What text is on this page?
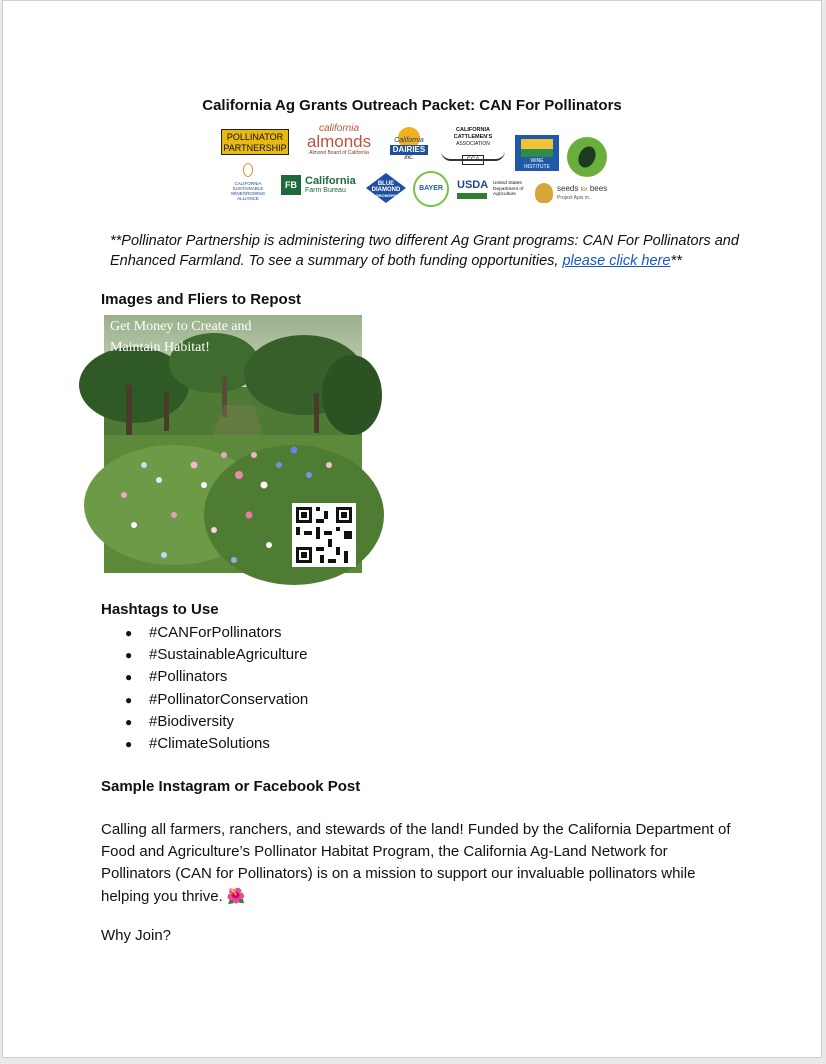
California Ag Grants Outreach Packet: CAN For Pollinators
POLLINATOR
PARTNERSHIP
california
almonds
Almond Board of California
California
DAIRIES
inc.
CALIFORNIA CATTLEMEN'S
ASSOCIATION
CCA	WINE
INSTITUTE
CALIFORNIA
SUSTAINABLE WINEGROWING
ALLIANCE
FB California
Farm Bureau
BLUE
DIAMOND
GROWERS
BAYER	USDA United States
Department of
Agriculture
seeds for bees
Project Apis m.
**Pollinator Partnership is administering two different Ag Grant programs: CAN For Pollinators and Enhanced Farmland. To see a summary of both funding opportunities, please click here**
Images and Fliers to Repost
Get Money to Create and
Maintain Habitat!
Hashtags to Use
● #CANForPollinators
● #SustainableAgriculture
● #Pollinators
● #PollinatorConservation
● #Biodiversity
● #ClimateSolutions
Sample Instagram or Facebook Post
Calling all farmers, ranchers, and stewards of the land! Funded by the California Department of Food and Agriculture’s Pollinator Habitat Program, the California Ag-Land Network for Pollinators (CAN for Pollinators) is on a mission to support our invaluable pollinators while helping you thrive. 🌺
Why Join?
